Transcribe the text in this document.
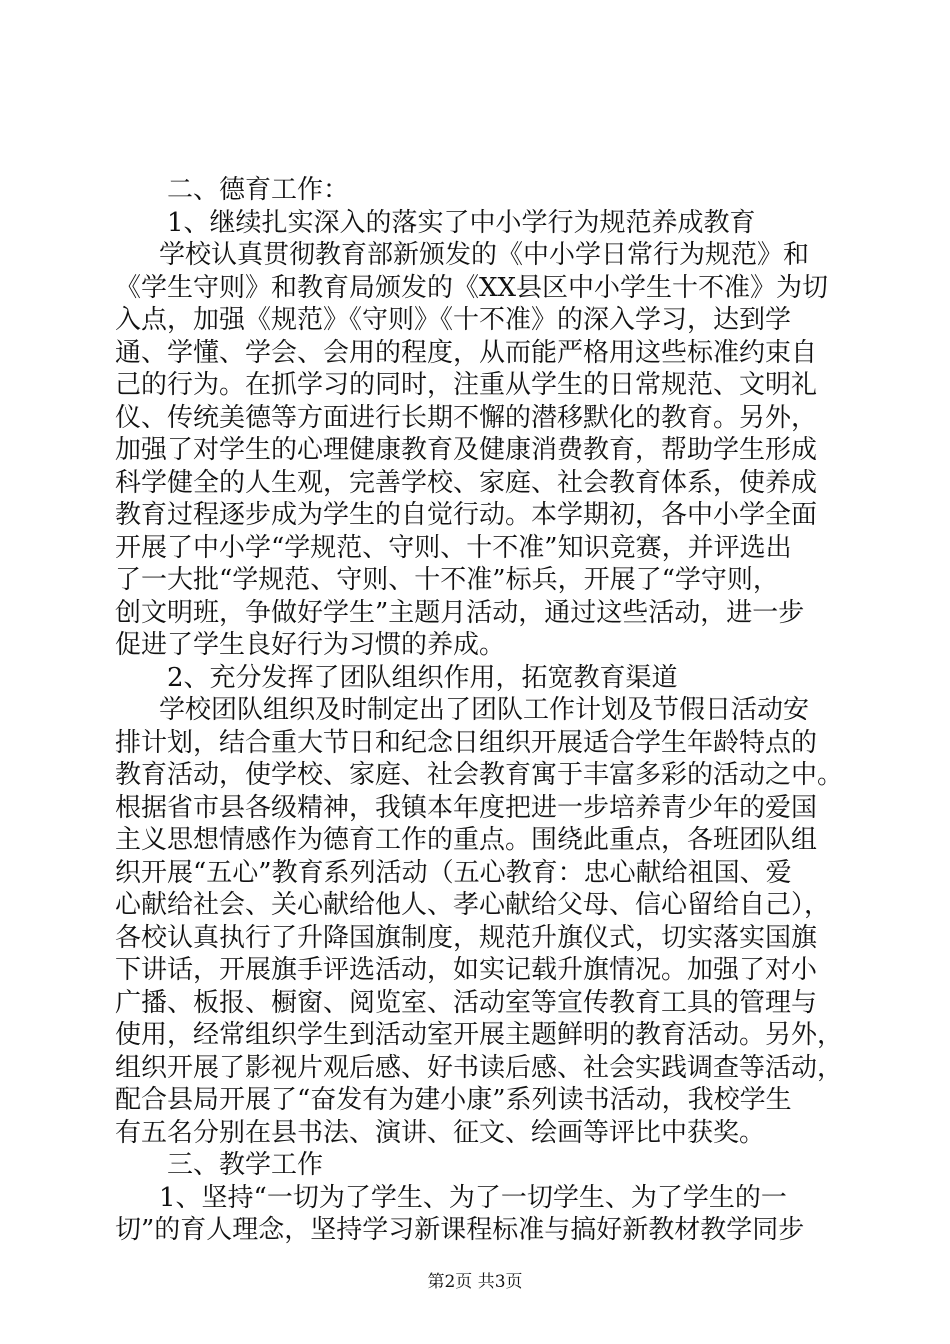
二、德育工作：
1、继续扎实深入的落实了中小学行为规范养成教育
学校认真贯彻教育部新颁发的《中小学日常行为规范》和
《学生守则》和教育局颁发的《XX县区中小学生十不准》为切
入点，加强《规范》《守则》《十不准》的深入学习，达到学
通、学懂、学会、会用的程度，从而能严格用这些标准约束自
己的行为。在抓学习的同时，注重从学生的日常规范、文明礼
仪、传统美德等方面进行长期不懈的潜移默化的教育。另外，
加强了对学生的心理健康教育及健康消费教育，帮助学生形成
科学健全的人生观，完善学校、家庭、社会教育体系，使养成
教育过程逐步成为学生的自觉行动。本学期初，各中小学全面
开展了中小学“学规范、守则、十不准”知识竞赛，并评选出
了一大批“学规范、守则、十不准”标兵，开展了“学守则，
创文明班，争做好学生”主题月活动，通过这些活动，进一步
促进了学生良好行为习惯的养成。
2、充分发挥了团队组织作用，拓宽教育渠道
学校团队组织及时制定出了团队工作计划及节假日活动安
排计划，结合重大节日和纪念日组织开展适合学生年龄特点的
教育活动，使学校、家庭、社会教育寓于丰富多彩的活动之中。
根据省市县各级精神，我镇本年度把进一步培养青少年的爱国
主义思想情感作为德育工作的重点。围绕此重点，各班团队组
织开展“五心”教育系列活动（五心教育：忠心献给祖国、爱
心献给社会、关心献给他人、孝心献给父母、信心留给自己），
各校认真执行了升降国旗制度，规范升旗仪式，切实落实国旗
下讲话，开展旗手评选活动，如实记载升旗情况。加强了对小
广播、板报、橱窗、阅览室、活动室等宣传教育工具的管理与
使用，经常组织学生到活动室开展主题鲜明的教育活动。另外，
组织开展了影视片观后感、好书读后感、社会实践调查等活动，
配合县局开展了“奋发有为建小康”系列读书活动，我校学生
有五名分别在县书法、演讲、征文、绘画等评比中获奖。
三、教学工作
1、坚持“一切为了学生、为了一切学生、为了学生的一
切”的育人理念，坚持学习新课程标准与搞好新教材教学同步
第2页 共3页
